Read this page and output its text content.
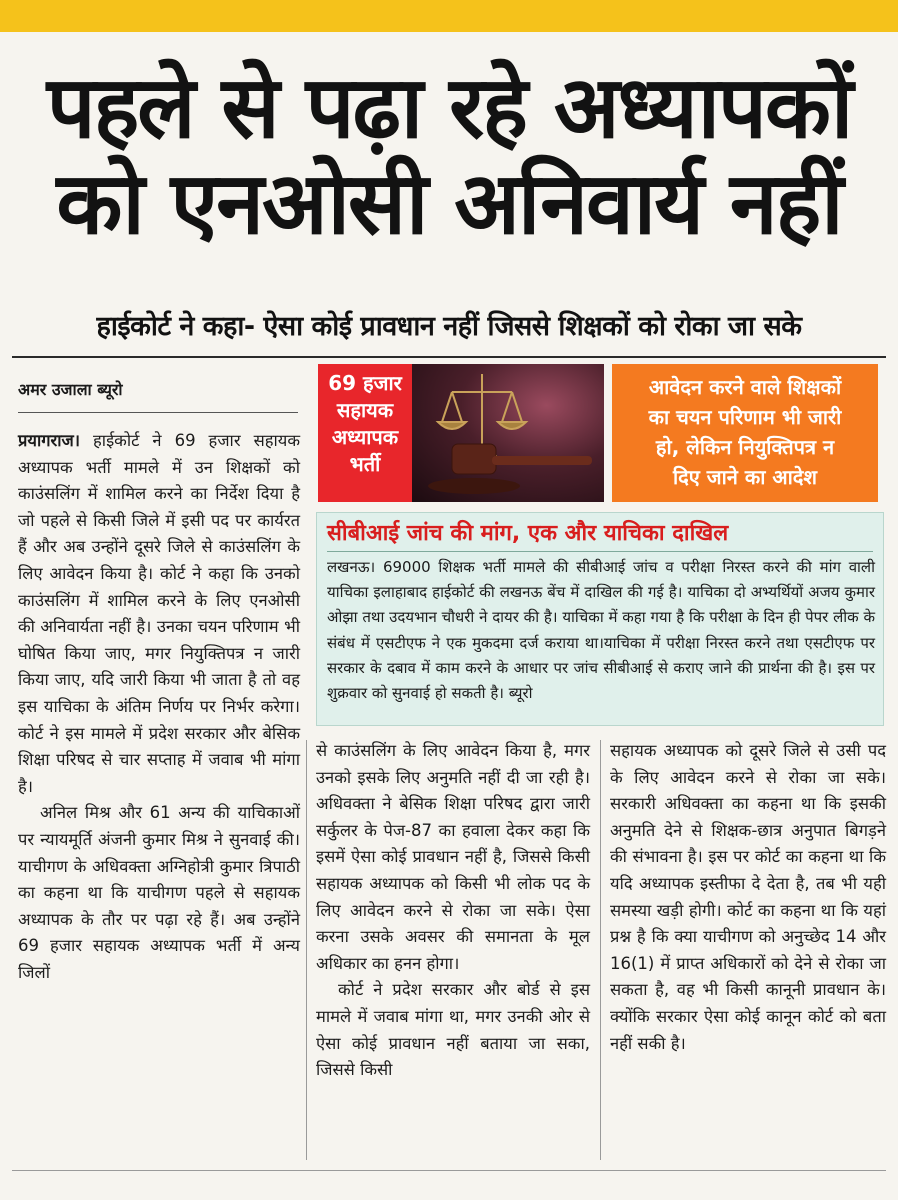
पहले से पढ़ा रहे अध्यापकों
को एनओसी अनिवार्य नहीं
हाईकोर्ट ने कहा- ऐसा कोई प्रावधान नहीं जिससे शिक्षकों को रोका जा सके
अमर उजाला ब्यूरो

प्रयागराज। हाईकोर्ट ने 69 हजार सहायक अध्यापक भर्ती मामले में उन शिक्षकों को काउंसलिंग में शामिल करने का निर्देश दिया है जो पहले से किसी जिले में इसी पद पर कार्यरत हैं और अब उन्होंने दूसरे जिले से काउंसलिंग के लिए आवेदन किया है। कोर्ट ने कहा कि उनको काउंसलिंग में शामिल करने के लिए एनओसी की अनिवार्यता नहीं है। उनका चयन परिणाम भी घोषित किया जाए, मगर नियुक्तिपत्र न जारी किया जाए, यदि जारी किया भी जाता है तो वह इस याचिका के अंतिम निर्णय पर निर्भर करेगा। कोर्ट ने इस मामले में प्रदेश सरकार और बेसिक शिक्षा परिषद से चार सप्ताह में जवाब भी मांगा है।

अनिल मिश्र और 61 अन्य की याचिकाओं पर न्यायमूर्ति अंजनी कुमार मिश्र ने सुनवाई की। याचीगण के अधिवक्ता अग्निहोत्री कुमार त्रिपाठी का कहना था कि याचीगण पहले से सहायक अध्यापक के तौर पर पढ़ा रहे हैं। अब उन्होंने 69 हजार सहायक अध्यापक भर्ती में अन्य जिलों

69 हजार
सहायक
अध्यापक
भर्ती
आवेदन करने वाले शिक्षकों
का चयन परिणाम भी जारी
हो, लेकिन नियुक्तिपत्र न
दिए जाने का आदेश
सीबीआई जांच की मांग, एक और याचिका दाखिल
लखनऊ। 69000 शिक्षक भर्ती मामले की सीबीआई जांच व परीक्षा निरस्त करने की मांग वाली याचिका इलाहाबाद हाईकोर्ट की लखनऊ बेंच में दाखिल की गई है। याचिका दो अभ्यर्थियों अजय कुमार ओझा तथा उदयभान चौधरी ने दायर की है। याचिका में कहा गया है कि परीक्षा के दिन ही पेपर लीक के संबंध में एसटीएफ ने एक मुकदमा दर्ज कराया था।याचिका में परीक्षा निरस्त करने तथा एसटीएफ पर सरकार के दबाव में काम करने के आधार पर जांच सीबीआई से कराए जाने की प्रार्थना की है। इस पर शुक्रवार को सुनवाई हो सकती है। ब्यूरो

से काउंसलिंग के लिए आवेदन किया है, मगर उनको इसके लिए अनुमति नहीं दी जा रही है। अधिवक्ता ने बेसिक शिक्षा परिषद द्वारा जारी सर्कुलर के पेज-87 का हवाला देकर कहा कि इसमें ऐसा कोई प्रावधान नहीं है, जिससे किसी सहायक अध्यापक को किसी भी लोक पद के लिए आवेदन करने से रोका जा सके। ऐसा करना उसके अवसर की समानता के मूल अधिकार का हनन होगा।

कोर्ट ने प्रदेश सरकार और बोर्ड से इस मामले में जवाब मांगा था, मगर उनकी ओर से ऐसा कोई प्रावधान नहीं बताया जा सका, जिससे किसी

सहायक अध्यापक को दूसरे जिले से उसी पद के लिए आवेदन करने से रोका जा सके। सरकारी अधिवक्ता का कहना था कि इसकी अनुमति देने से शिक्षक-छात्र अनुपात बिगड़ने की संभावना है। इस पर कोर्ट का कहना था कि यदि अध्यापक इस्तीफा दे देता है, तब भी यही समस्या खड़ी होगी। कोर्ट का कहना था कि यहां प्रश्न है कि क्या याचीगण को अनुच्छेद 14 और 16(1) में प्राप्त अधिकारों को देने से रोका जा सकता है, वह भी किसी कानूनी प्रावधान के। क्योंकि सरकार ऐसा कोई कानून कोर्ट को बता नहीं सकी है।
